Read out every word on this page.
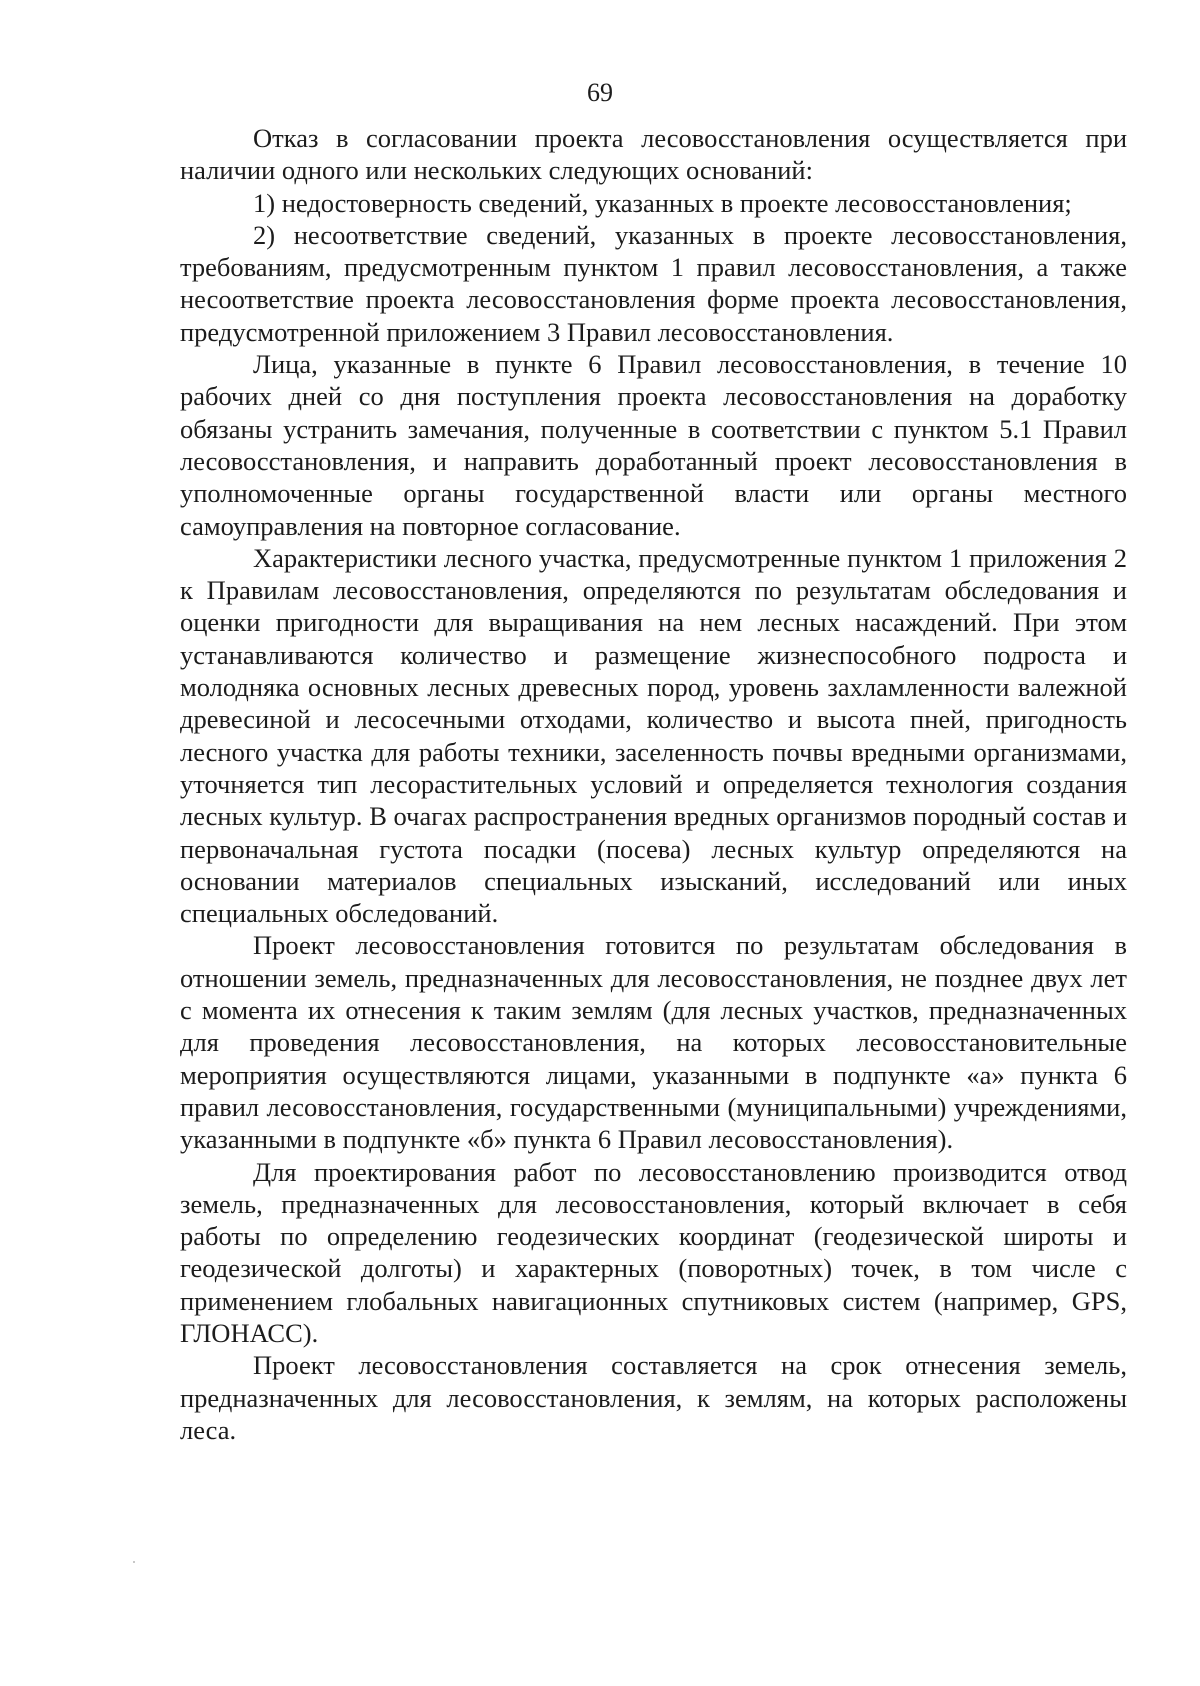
69

Отказ в согласовании проекта лесовосстановления осуществляется при наличии одного или нескольких следующих оснований:

1) недостоверность сведений, указанных в проекте лесовосстановления;

2) несоответствие сведений, указанных в проекте лесовосстановления, требованиям, предусмотренным пунктом 1 правил лесовосстановления, а также несоответствие проекта лесовосстановления форме проекта лесовосстановления, предусмотренной приложением 3 Правил лесовосстановления.

Лица, указанные в пункте 6 Правил лесовосстановления, в течение 10 рабочих дней со дня поступления проекта лесовосстановления на доработку обязаны устранить замечания, полученные в соответствии с пунктом 5.1 Правил лесовосстановления, и направить доработанный проект лесовосстановления в уполномоченные органы государственной власти или органы местного самоуправления на повторное согласование.

Характеристики лесного участка, предусмотренные пунктом 1 приложения 2 к Правилам лесовосстановления, определяются по результатам обследования и оценки пригодности для выращивания на нем лесных насаждений. При этом устанавливаются количество и размещение жизнеспособного подроста и молодняка основных лесных древесных пород, уровень захламленности валежной древесиной и лесосечными отходами, количество и высота пней, пригодность лесного участка для работы техники, заселенность почвы вредными организмами, уточняется тип лесорастительных условий и определяется технология создания лесных культур. В очагах распространения вредных организмов породный состав и первоначальная густота посадки (посева) лесных культур определяются на основании материалов специальных изысканий, исследований или иных специальных обследований.

Проект лесовосстановления готовится по результатам обследования в отношении земель, предназначенных для лесовосстановления, не позднее двух лет с момента их отнесения к таким землям (для лесных участков, предназначенных для проведения лесовосстановления, на которых лесовосстановительные мероприятия осуществляются лицами, указанными в подпункте «а» пункта 6 правил лесовосстановления, государственными (муниципальными) учреждениями, указанными в подпункте «б» пункта 6 Правил лесовосстановления).

Для проектирования работ по лесовосстановлению производится отвод земель, предназначенных для лесовосстановления, который включает в себя работы по определению геодезических координат (геодезической широты и геодезической долготы) и характерных (поворотных) точек, в том числе с применением глобальных навигационных спутниковых систем (например, GPS, ГЛОНАСС).

Проект лесовосстановления составляется на срок отнесения земель, предназначенных для лесовосстановления, к землям, на которых расположены леса.
